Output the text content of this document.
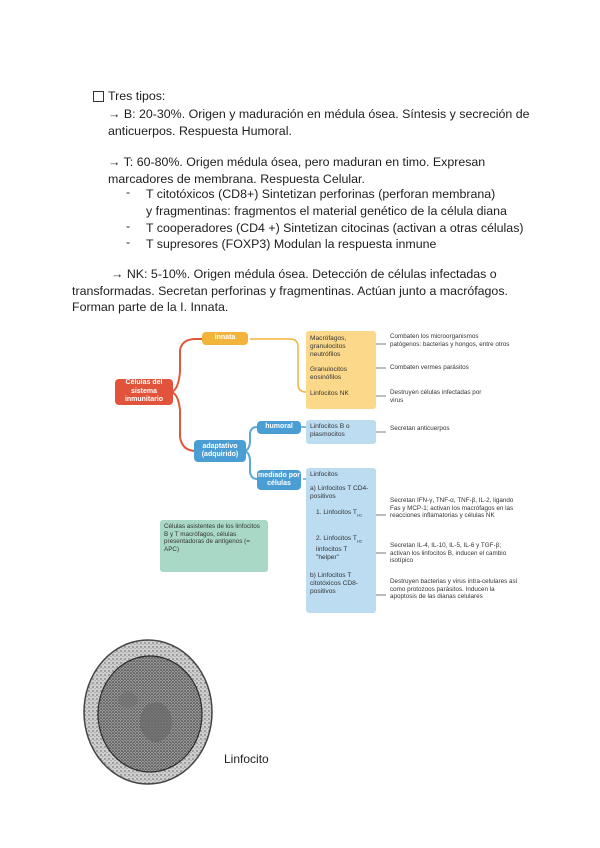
Tres tipos:
→ B: 20-30%. Origen y maduración en médula ósea. Síntesis y secreción de
anticuerpos. Respuesta Humoral.
→ T: 60-80%. Origen médula ósea, pero maduran en timo. Expresan
marcadores de membrana. Respuesta Celular.
- T citotóxicos (CD8+) Sintetizan perforinas (perforan membrana)
y fragmentinas: fragmentos el material genético de la célula diana
- T cooperadores (CD4 +) Sintetizan citocinas (activan a otras células)
- T supresores (FOXP3) Modulan la respuesta inmune
→ NK: 5-10%. Origen médula ósea. Detección de células infectadas o
transformadas. Secretan perforinas y fragmentinas. Actúan junto a macrófagos.
Forman parte de la I. Innata.
Células del sistema inmunitario
innata
adaptativo (adquirido)
humoral
mediado por células
Macrófagos, granulocitos neutrófilos
Granulocitos eosinófilos
Linfocitos NK
Linfocitos B o plasmocitos
Linfocitos
a) Linfocitos T CD4-positivos
1. Linfocitos $T_{H1}$
2. Linfocitos $T_{H2}$ linfocitos T "helper"
b) Linfocitos T citotóxicos CD8-positivos
Combaten los microorganismos patógenos: bacterias y hongos, entre otros
Combaten vermes parásitos
Destruyen células infectadas por virus
Secretan anticuerpos
Secretan IFN-γ, TNF-α, TNF-β, IL-2, ligando Fas y MCP-1; activan los macrófagos en las reacciones inflamatorias y células NK
Secretan IL-4, IL-10, IL-5, IL-6 y TGF-β; activan los linfocitos B, inducen el cambio isotípico
Destruyen bacterias y virus intra-celulares así como protozoos parásitos. Inducen la apoptosis de las dianas celulares
Células asistentes de los linfocitos B y T macrófagos, células presentadoras de antígenos (= APC)
Linfocito
